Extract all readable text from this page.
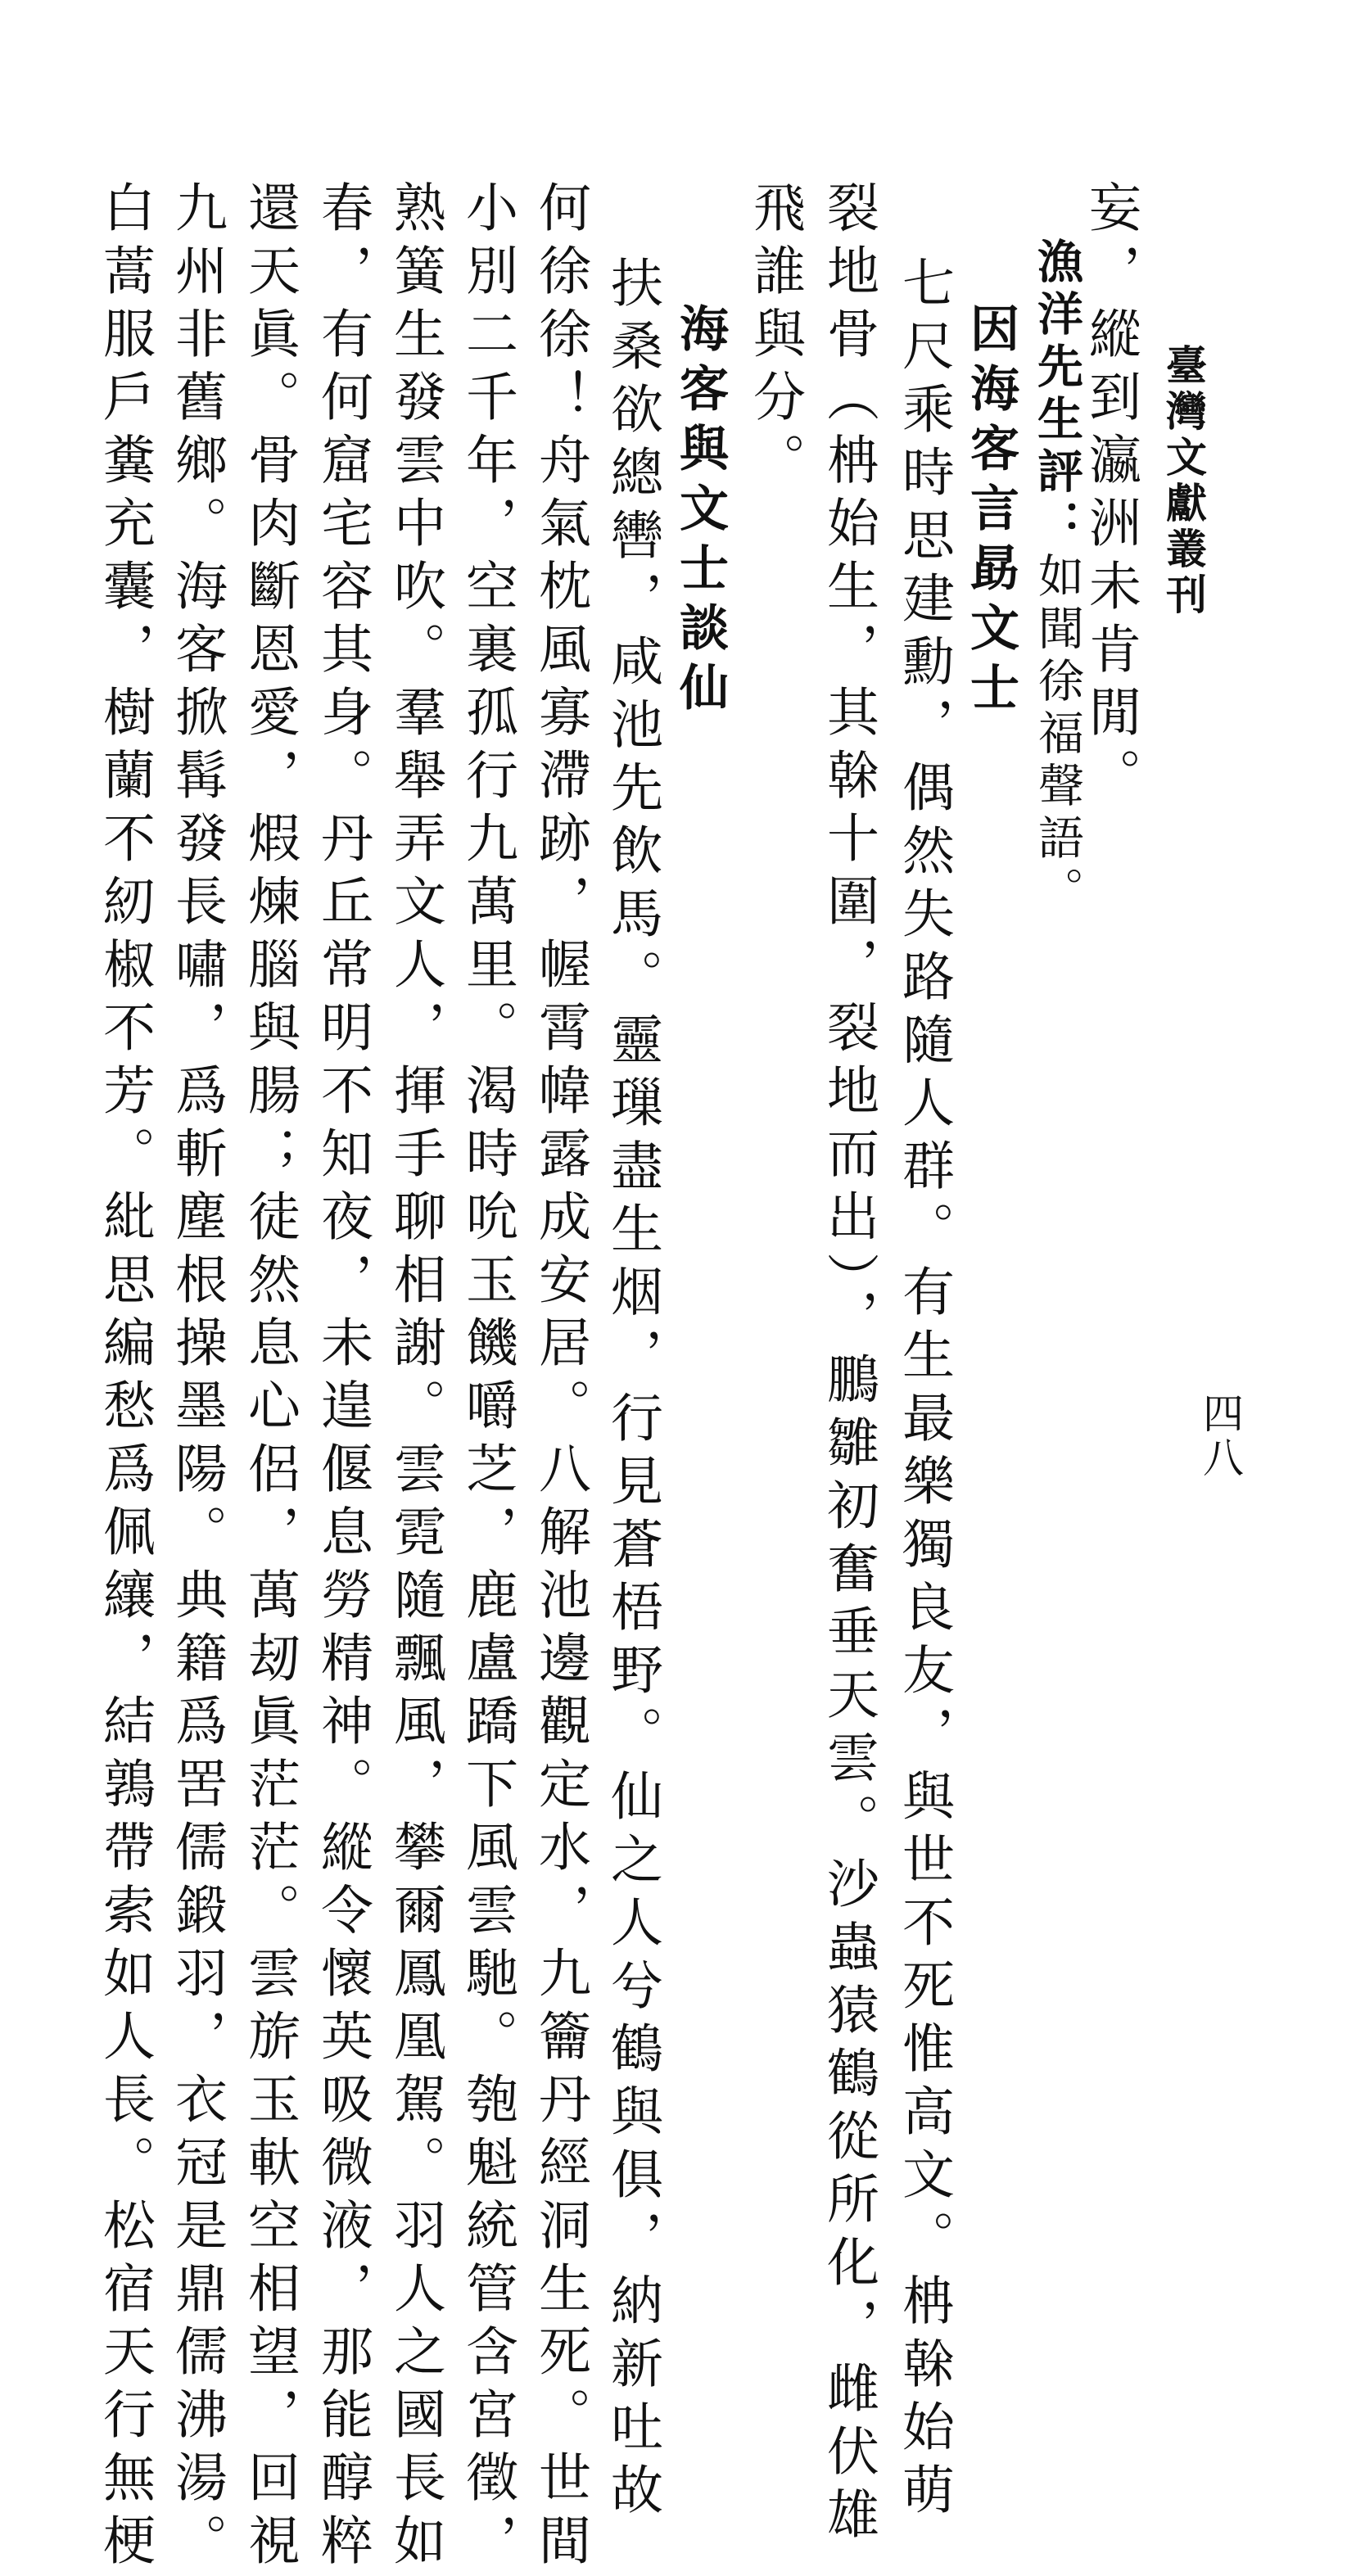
臺灣文獻叢刊
四八
妄，縱到瀛洲未肯閒。
漁洋先生評：如聞徐福聲語。
因海客言勗文士
七尺乘時思建勳，偶然失路隨人群。有生最樂獨良友，與世不死惟高文。柟榦始萌
裂地骨（柟始生，其榦十圍，裂地而出），鵬雛初奮垂天雲。沙蟲猿鶴從所化，雌伏雄
飛誰與分。
海客與文士談仙
扶桑欲總轡，咸池先飲馬。靈璅盡生烟，行見蒼梧野。仙之人兮鶴與俱，納新吐故
何徐徐！舟氣枕風寡滯跡，幄霄幃露成安居。八解池邊觀定水，九籥丹經洞生死。世間
小別二千年，空裏孤行九萬里。渴時吮玉饑嚼芝，鹿盧蹻下風雲馳。匏魁統管含宮徵，
熟簧生發雲中吹。羣舉弄文人，揮手聊相謝。雲霓隨飄風，攀爾鳳凰駕。羽人之國長如
春，有何窟宅容其身。丹丘常明不知夜，未遑偃息勞精神。縱令懷英吸微液，那能醇粹
還天眞。骨肉斷恩愛，煆煉腦與腸；徒然息心侶，萬刼眞茫茫。雲旂玉軑空相望，回視
九州非舊鄉。海客掀髯發長嘯，爲斬塵根操墨陽。典籍爲罟儒鍛羽，衣冠是鼎儒沸湯。
白蒿服戶糞充囊，樹蘭不紉椒不芳。紕思編愁爲佩纕，結鶉帶索如人長。松宿天行無梗
